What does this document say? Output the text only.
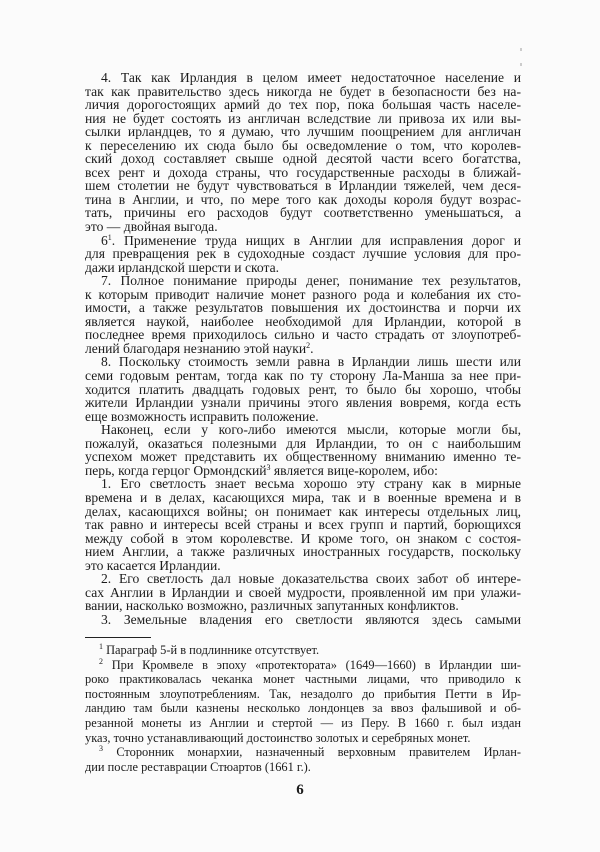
4. Так как Ирландия в целом имеет недостаточное население и
так как правительство здесь никогда не будет в безопасности без на-
личия дорогостоящих армий до тех пор, пока большая часть населе-
ния не будет состоять из англичан вследствие ли привоза их или вы-
сылки ирландцев, то я думаю, что лучшим поощрением для англичан
к переселению их сюда было бы осведомление о том, что королев-
ский доход составляет свыше одной десятой части всего богатства,
всех рент и дохода страны, что государственные расходы в ближай-
шем столетии не будут чувствоваться в Ирландии тяжелей, чем деся-
тина в Англии, и что, по мере того как доходы короля будут возрас-
тать, причины его расходов будут соответственно уменьшаться, а
это — двойная выгода.
$6^1$. Применение труда нищих в Англии для исправления дорог и
для превращения рек в судоходные создаст лучшие условия для про-
дажи ирландской шерсти и скота.
7. Полное понимание природы денег, понимание тех результатов,
к которым приводит наличие монет разного рода и колебания их сто-
имости, а также результатов повышения их достоинства и порчи их
является наукой, наиболее необходимой для Ирландии, которой в
последнее время приходилось сильно и часто страдать от злоупотреб-
лений благодаря незнанию этой науки$^2$.
8. Поскольку стоимость земли равна в Ирландии лишь шести или
семи годовым рентам, тогда как по ту сторону Ла-Манша за нее при-
ходится платить двадцать годовых рент, то было бы хорошо, чтобы
жители Ирландии узнали причины этого явления вовремя, когда есть
еще возможность исправить положение.
Наконец, если у кого-либо имеются мысли, которые могли бы,
пожалуй, оказаться полезными для Ирландии, то он с наибольшим
успехом может представить их общественному вниманию именно те-
перь, когда герцог Ормондский$^3$ является вице-королем, ибо:
1. Его светлость знает весьма хорошо эту страну как в мирные
времена и в делах, касающихся мира, так и в военные времена и в
делах, касающихся войны; он понимает как интересы отдельных лиц,
так равно и интересы всей страны и всех групп и партий, борющихся
между собой в этом королевстве. И кроме того, он знаком с состоя-
нием Англии, а также различных иностранных государств, поскольку
это касается Ирландии.
2. Его светлость дал новые доказательства своих забот об интере-
сах Англии в Ирландии и своей мудрости, проявленной им при улажи-
вании, насколько возможно, различных запутанных конфликтов.
3. Земельные владения его светлости являются здесь самыми
$^1$ Параграф 5-й в подлиннике отсутствует.
$^2$ При Кромвеле в эпоху «протектората» (1649—1660) в Ирландии ши-
роко практиковалась чеканка монет частными лицами, что приводило к
постоянным злоупотреблениям. Так, незадолго до прибытия Петти в Ир-
ландию там были казнены несколько лондонцев за ввоз фальшивой и об-
резанной монеты из Англии и стертой — из Перу. В 1660 г. был издан
указ, точно устанавливающий достоинство золотых и серебряных монет.
$^3$ Сторонник монархии, назначенный верховным правителем Ирлан-
дии после реставрации Стюартов (1661 г.).
6
